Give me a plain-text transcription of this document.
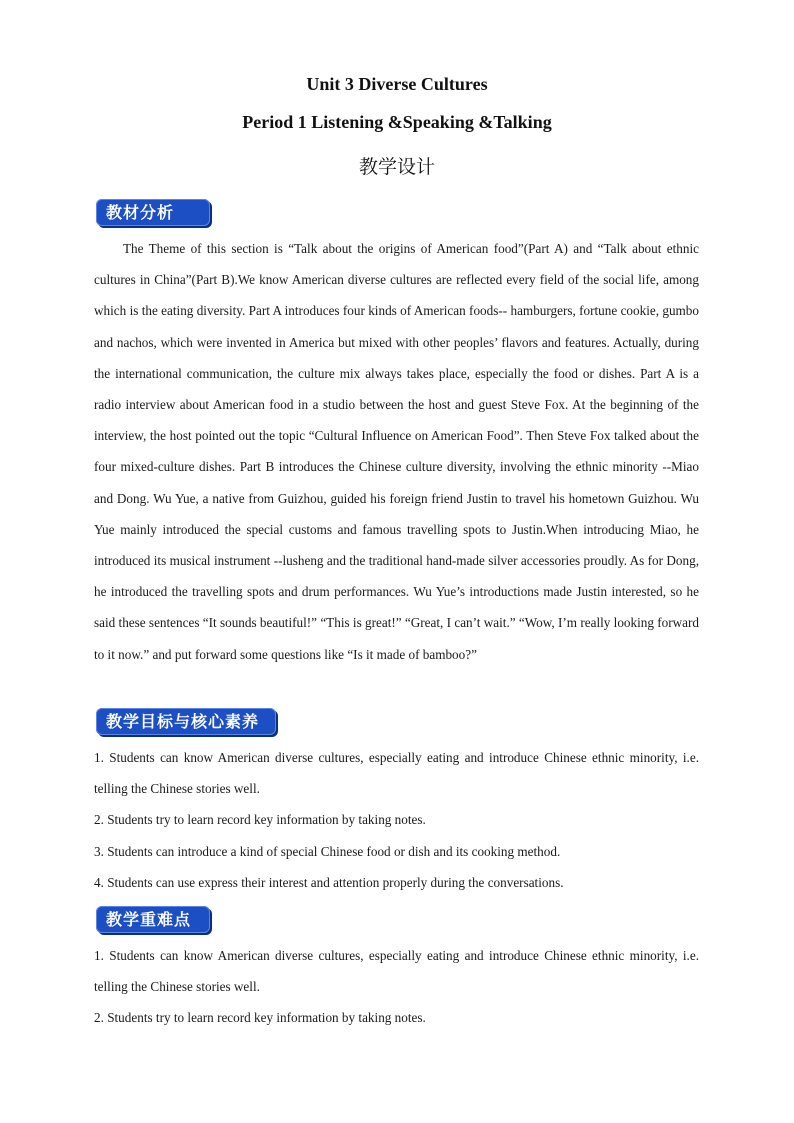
Unit 3 Diverse Cultures
Period 1 Listening &Speaking &Talking
教学设计
教材分析
The Theme of this section is “Talk about the origins of American food”(Part A) and “Talk about ethnic cultures in China”(Part B).We know American diverse cultures are reflected every field of the social life, among which is the eating diversity. Part A introduces four kinds of American foods-- hamburgers, fortune cookie, gumbo and nachos, which were invented in America but mixed with other peoples’ flavors and features. Actually, during the international communication, the culture mix always takes place, especially the food or dishes. Part A is a radio interview about American food in a studio between the host and guest Steve Fox. At the beginning of the interview, the host pointed out the topic “Cultural Influence on American Food”. Then Steve Fox talked about the four mixed-culture dishes. Part B introduces the Chinese culture diversity, involving the ethnic minority --Miao and Dong. Wu Yue, a native from Guizhou, guided his foreign friend Justin to travel his hometown Guizhou. Wu Yue mainly introduced the special customs and famous travelling spots to Justin.When introducing Miao, he introduced its musical instrument --lusheng and the traditional hand-made silver accessories proudly. As for Dong, he introduced the travelling spots and drum performances. Wu Yue’s introductions made Justin interested, so he said these sentences “It sounds beautiful!” “This is great!” “Great, I can’t wait.” “Wow, I’m really looking forward to it now.” and put forward some questions like “Is it made of bamboo?”
教学目标与核心素养
1. Students can know American diverse cultures, especially eating and introduce Chinese ethnic minority, i.e. telling the Chinese stories well.
2. Students try to learn record key information by taking notes.
3. Students can introduce a kind of special Chinese food or dish and its cooking method.
4. Students can use express their interest and attention properly during the conversations.
教学重难点
1. Students can know American diverse cultures, especially eating and introduce Chinese ethnic minority, i.e. telling the Chinese stories well.
2. Students try to learn record key information by taking notes.
